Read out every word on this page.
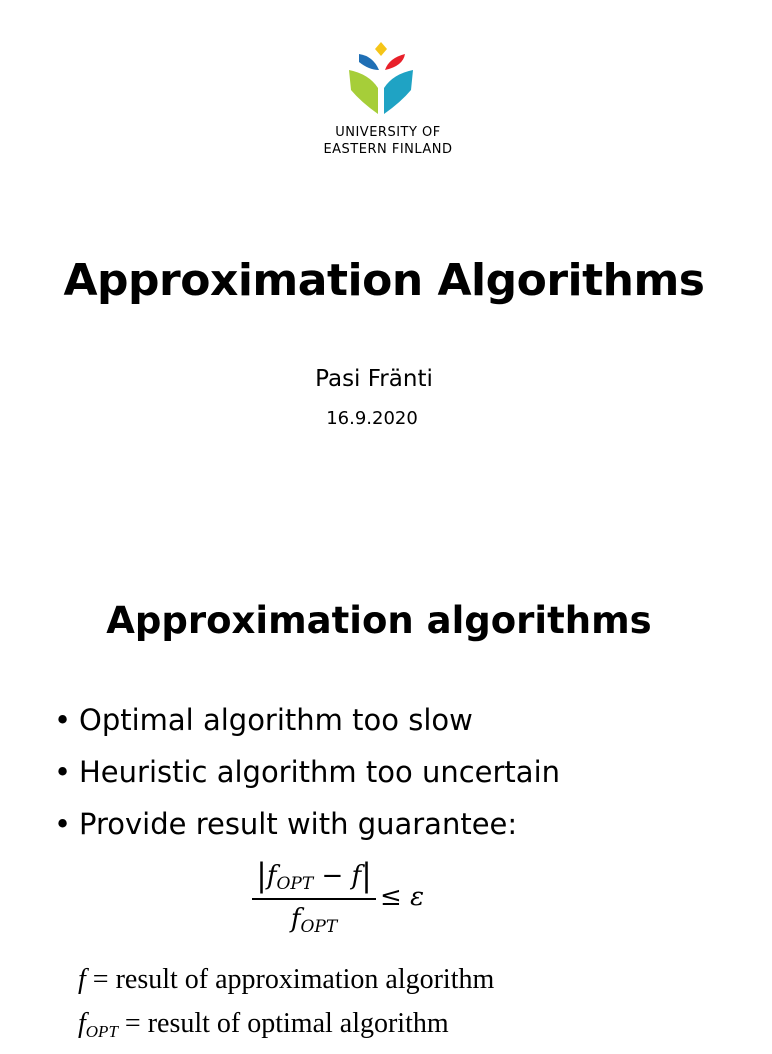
UNIVERSITY OF
EASTERN FINLAND
Approximation Algorithms
Pasi Fränti
16.9.2020
Approximation algorithms
• Optimal algorithm too slow
• Heuristic algorithm too uncertain
• Provide result with guarantee:
$|f_{OPT} - f|$
$f_{OPT}$
≤ ε
f = result of approximation algorithm
$f_{OPT}$ = result of optimal algorithm
